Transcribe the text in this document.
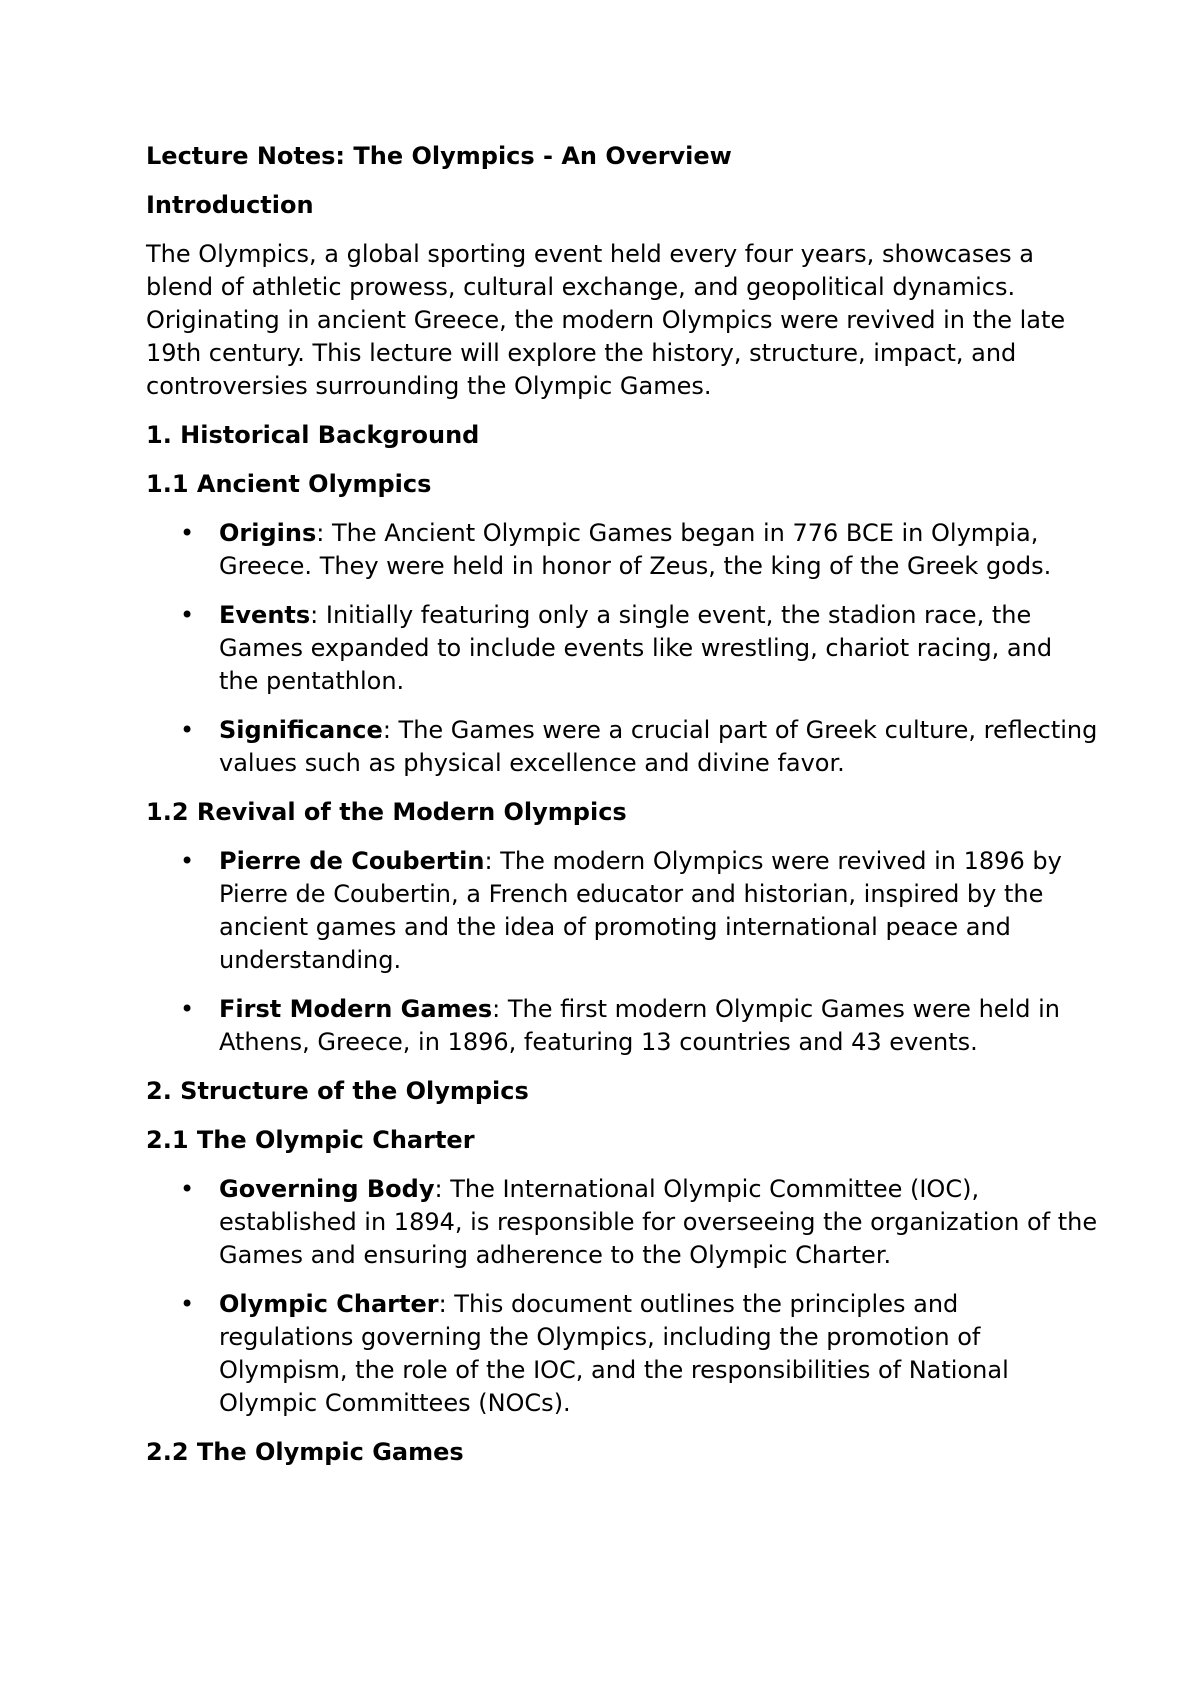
Lecture Notes: The Olympics - An Overview
Introduction

The Olympics, a global sporting event held every four years, showcases a blend of athletic prowess, cultural exchange, and geopolitical dynamics. Originating in ancient Greece, the modern Olympics were revived in the late 19th century. This lecture will explore the history, structure, impact, and controversies surrounding the Olympic Games.

1. Historical Background
1.1 Ancient Olympics
• Origins: The Ancient Olympic Games began in 776 BCE in Olympia, Greece. They were held in honor of Zeus, the king of the Greek gods.
• Events: Initially featuring only a single event, the stadion race, the Games expanded to include events like wrestling, chariot racing, and the pentathlon.
• Significance: The Games were a crucial part of Greek culture, reflecting values such as physical excellence and divine favor.
1.2 Revival of the Modern Olympics
• Pierre de Coubertin: The modern Olympics were revived in 1896 by Pierre de Coubertin, a French educator and historian, inspired by the ancient games and the idea of promoting international peace and understanding.
• First Modern Games: The first modern Olympic Games were held in Athens, Greece, in 1896, featuring 13 countries and 43 events.
2. Structure of the Olympics
2.1 The Olympic Charter
• Governing Body: The International Olympic Committee (IOC), established in 1894, is responsible for overseeing the organization of the Games and ensuring adherence to the Olympic Charter.
• Olympic Charter: This document outlines the principles and regulations governing the Olympics, including the promotion of Olympism, the role of the IOC, and the responsibilities of National Olympic Committees (NOCs).
2.2 The Olympic Games
